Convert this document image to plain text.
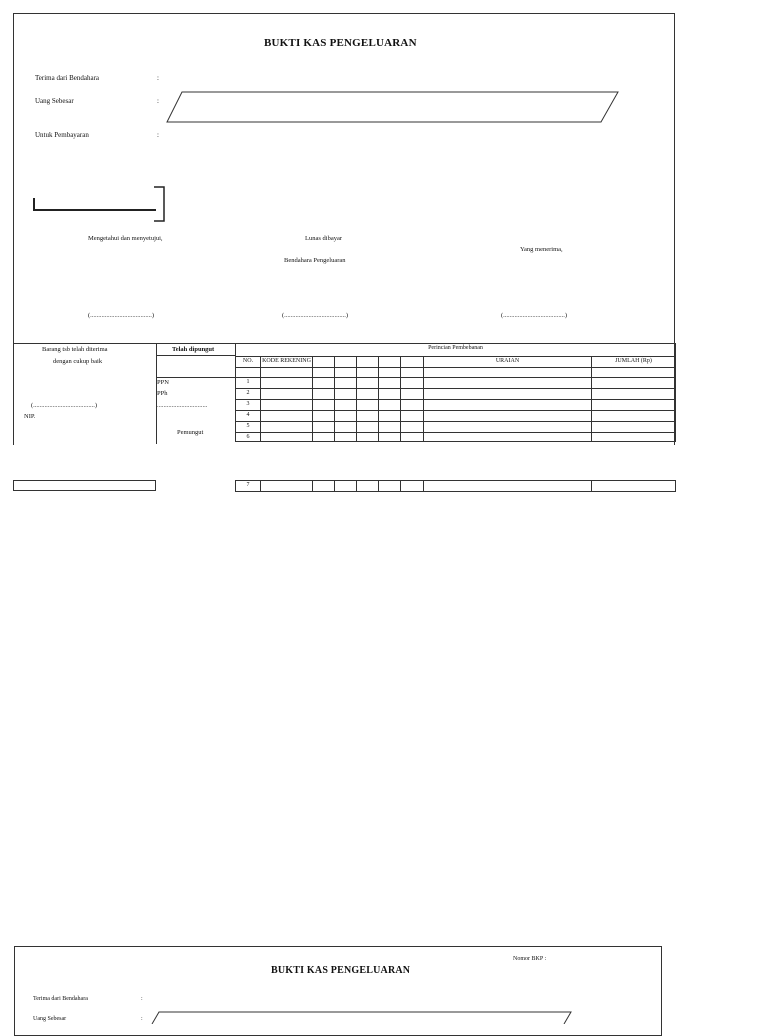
BUKTI KAS PENGELUARAN
Terima dari Bendahara	:
Uang Sebesar	:
Untuk Pembayaran	:
Mengetahui dan menyetujui,	Lunas dibayar
Bendahara Pengeluaran
Yang menerima,
(......................................)	(......................................)	(......................................)
Barang tsb telah diterima
dengan cukup baik
(......................................)
NIP.
Telah dipungut
PPN
PPh
...............................
Pemungut
Perincian Pembebanan								
NO.	KODE REKENING						URAIAN	JUMLAH (Rp)

1								
2								
3								
4								
5								
6								
7								
Nomor BKP :
BUKTI KAS PENGELUARAN
Terima dari Bendahara	:
Uang Sebesar	:
